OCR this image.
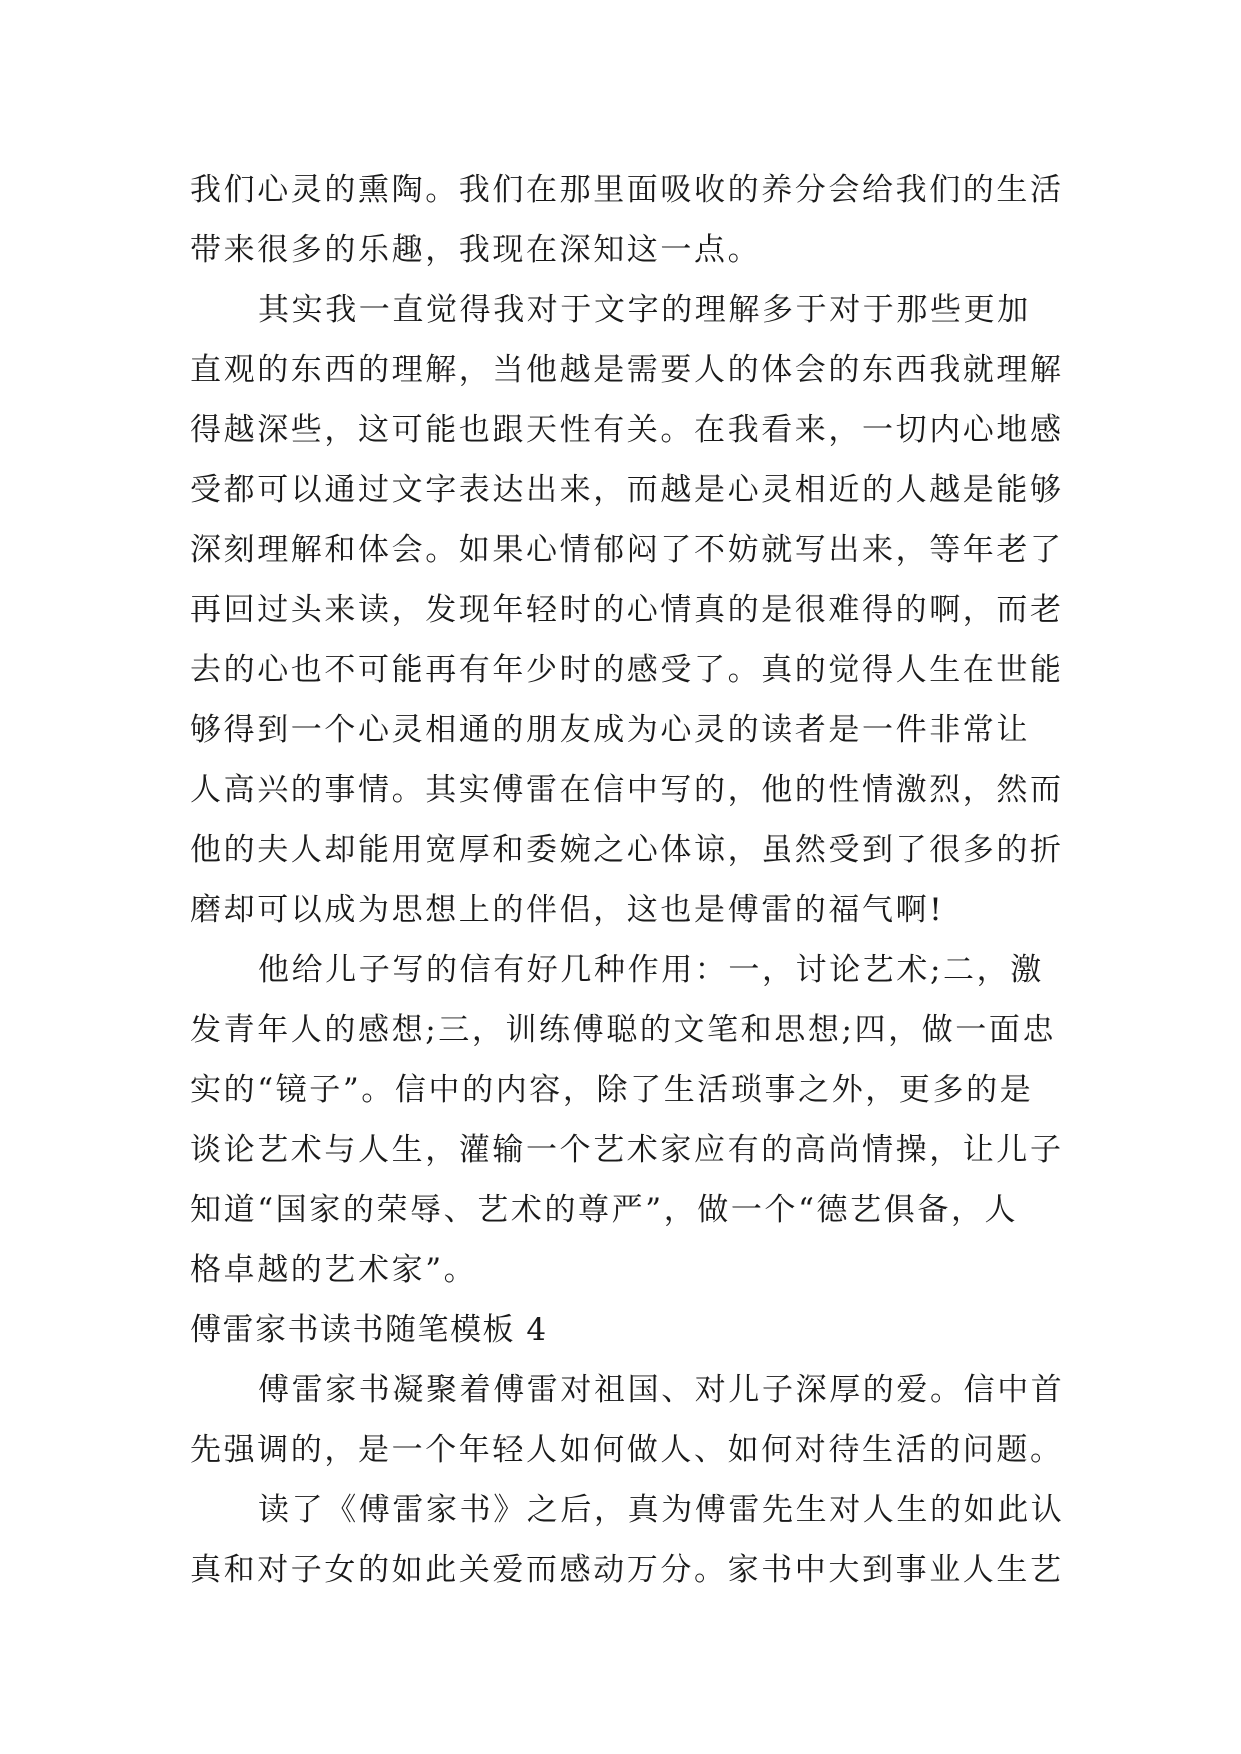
我们心灵的熏陶。我们在那里面吸收的养分会给我们的生活
带来很多的乐趣，我现在深知这一点。
其实我一直觉得我对于文字的理解多于对于那些更加
直观的东西的理解，当他越是需要人的体会的东西我就理解
得越深些，这可能也跟天性有关。在我看来，一切内心地感
受都可以通过文字表达出来，而越是心灵相近的人越是能够
深刻理解和体会。如果心情郁闷了不妨就写出来，等年老了
再回过头来读，发现年轻时的心情真的是很难得的啊，而老
去的心也不可能再有年少时的感受了。真的觉得人生在世能
够得到一个心灵相通的朋友成为心灵的读者是一件非常让
人高兴的事情。其实傅雷在信中写的，他的性情激烈，然而
他的夫人却能用宽厚和委婉之心体谅，虽然受到了很多的折
磨却可以成为思想上的伴侣，这也是傅雷的福气啊!
他给儿子写的信有好几种作用：一，讨论艺术;二，激
发青年人的感想;三，训练傅聪的文笔和思想;四，做一面忠
实的“镜子”。信中的内容，除了生活琐事之外，更多的是
谈论艺术与人生，灌输一个艺术家应有的高尚情操，让儿子
知道“国家的荣辱、艺术的尊严”，做一个“德艺俱备，人
格卓越的艺术家”。
傅雷家书读书随笔模板 4
傅雷家书凝聚着傅雷对祖国、对儿子深厚的爱。信中首
先强调的，是一个年轻人如何做人、如何对待生活的问题。
读了《傅雷家书》之后，真为傅雷先生对人生的如此认
真和对子女的如此关爱而感动万分。家书中大到事业人生艺
